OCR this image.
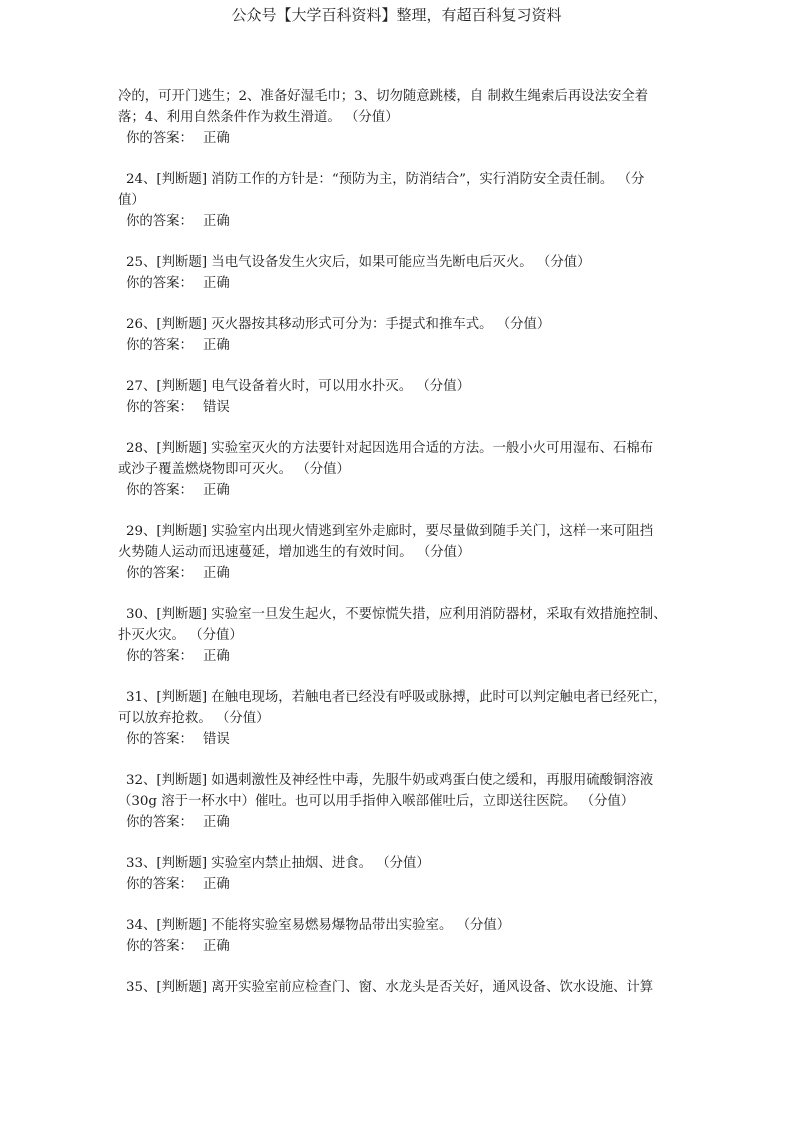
公众号【大学百科资料】整理，有超百科复习资料

冷的，可开门逃生；2、准备好湿毛巾；3、切勿随意跳楼，自 制救生绳索后再设法安全着
落；4、利用自然条件作为救生滑道。 （分值）

你的答案： 正确

24、[判断题] 消防工作的方针是：“预防为主，防消结合”，实行消防安全责任制。 （分

值）

你的答案： 正确

25、[判断题] 当电气设备发生火灾后，如果可能应当先断电后灭火。 （分值）

你的答案： 正确

26、[判断题] 灭火器按其移动形式可分为：手提式和推车式。 （分值）

你的答案： 正确

27、[判断题] 电气设备着火时，可以用水扑灭。 （分值）

你的答案： 错误

28、[判断题] 实验室灭火的方法要针对起因选用合适的方法。一般小火可用湿布、石棉布

或沙子覆盖燃烧物即可灭火。 （分值）

你的答案： 正确

29、[判断题] 实验室内出现火情逃到室外走廊时，要尽量做到随手关门，这样一来可阻挡

火势随人运动而迅速蔓延，增加逃生的有效时间。 （分值）

你的答案： 正确

30、[判断题] 实验室一旦发生起火，不要惊慌失措，应利用消防器材，采取有效措施控制、

扑灭火灾。 （分值）

你的答案： 正确

31、[判断题] 在触电现场，若触电者已经没有呼吸或脉搏，此时可以判定触电者已经死亡，

可以放弃抢救。 （分值）

你的答案： 错误

32、[判断题] 如遇刺激性及神经性中毒，先服牛奶或鸡蛋白使之缓和，再服用硫酸铜溶液

（30g 溶于一杯水中）催吐。也可以用手指伸入喉部催吐后，立即送往医院。 （分值）

你的答案： 正确

33、[判断题] 实验室内禁止抽烟、进食。 （分值）

你的答案： 正确

34、[判断题] 不能将实验室易燃易爆物品带出实验室。 （分值）

你的答案： 正确

35、[判断题] 离开实验室前应检查门、窗、水龙头是否关好，通风设备、饮水设施、计算
